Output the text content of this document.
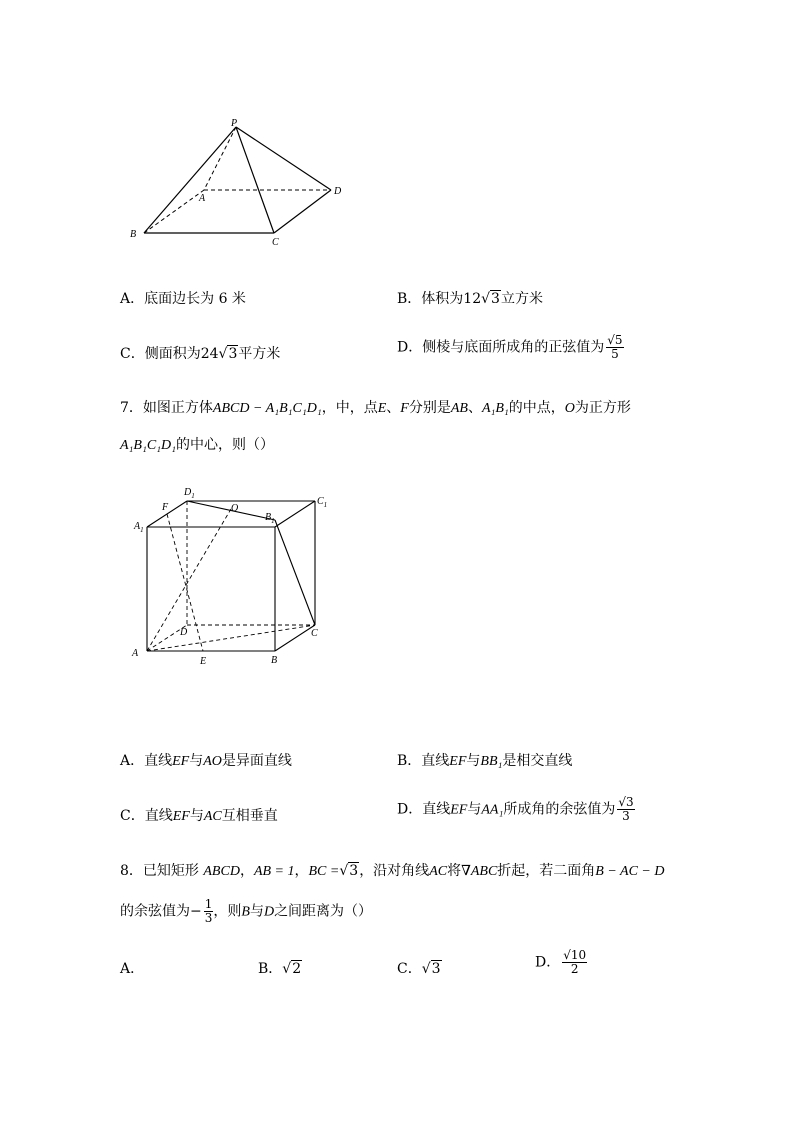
P
A
B
C
D
A．底面边长为 6 米	B．体积为12√3立方米
C．侧面积为24√3平方米	D．侧棱与底面所成角的正弦值为 $\frac{√5}{5}$
7．如图正方体ABCD − A₁B₁C₁D₁，中，点E、F分别是AB、A₁B₁的中点，O为正方形
A₁B₁C₁D₁的中心，则（）
$A_1$
F
$D_1$
O
$B_1$
$C_1$
D	C
A
E	B
A．直线EF与AO是异面直线	B．直线EF与BB₁是相交直线
C．直线EF与AC互相垂直	D．直线EF与AA₁所成角的余弦值为 $\frac{√3}{3}$
8．已知矩形 ABCD，AB = 1，BC =√3，沿对角线AC将∇ABC折起，若二面角B − AC − D
的余弦值为− $\frac{1}{3}$ ，则B与D之间距离为（）
A．	B．√2	C．√3	D． $\frac{√10}{2}$
